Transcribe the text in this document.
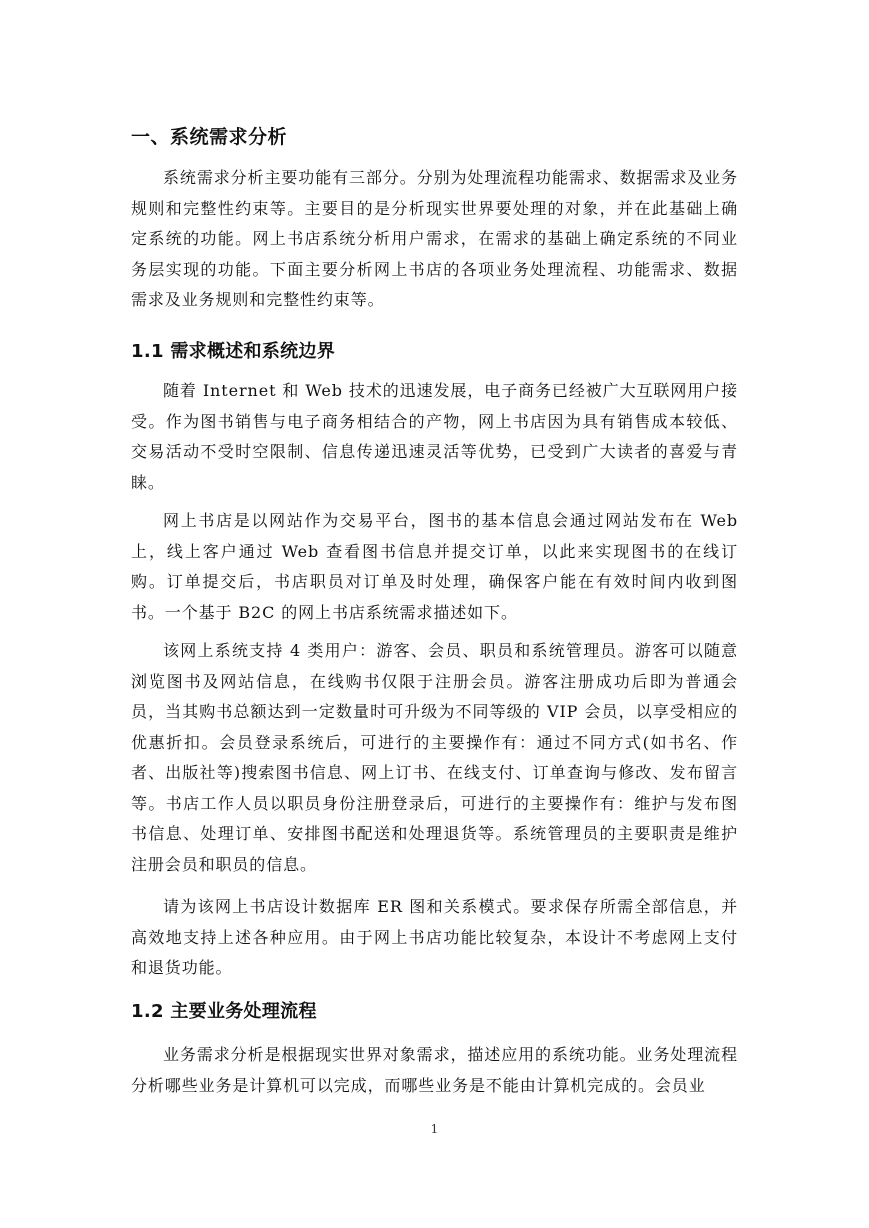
一、系统需求分析

系统需求分析主要功能有三部分。分别为处理流程功能需求、数据需求及业务规则和完整性约束等。主要目的是分析现实世界要处理的对象，并在此基础上确定系统的功能。网上书店系统分析用户需求，在需求的基础上确定系统的不同业务层实现的功能。下面主要分析网上书店的各项业务处理流程、功能需求、数据需求及业务规则和完整性约束等。

1.1 需求概述和系统边界

随着 Internet 和 Web 技术的迅速发展，电子商务已经被广大互联网用户接受。作为图书销售与电子商务相结合的产物，网上书店因为具有销售成本较低、交易活动不受时空限制、信息传递迅速灵活等优势，已受到广大读者的喜爱与青睐。

网上书店是以网站作为交易平台，图书的基本信息会通过网站发布在 Web 上，线上客户通过 Web 查看图书信息并提交订单，以此来实现图书的在线订购。订单提交后，书店职员对订单及时处理，确保客户能在有效时间内收到图书。一个基于 B2C 的网上书店系统需求描述如下。

该网上系统支持 4 类用户：游客、会员、职员和系统管理员。游客可以随意浏览图书及网站信息，在线购书仅限于注册会员。游客注册成功后即为普通会员，当其购书总额达到一定数量时可升级为不同等级的 VIP 会员，以享受相应的优惠折扣。会员登录系统后，可进行的主要操作有：通过不同方式(如书名、作者、出版社等)搜索图书信息、网上订书、在线支付、订单查询与修改、发布留言等。书店工作人员以职员身份注册登录后，可进行的主要操作有：维护与发布图书信息、处理订单、安排图书配送和处理退货等。系统管理员的主要职责是维护注册会员和职员的信息。

请为该网上书店设计数据库 ER 图和关系模式。要求保存所需全部信息，并高效地支持上述各种应用。由于网上书店功能比较复杂，本设计不考虑网上支付和退货功能。

1.2 主要业务处理流程

业务需求分析是根据现实世界对象需求，描述应用的系统功能。业务处理流程分析哪些业务是计算机可以完成，而哪些业务是不能由计算机完成的。会员业

1
